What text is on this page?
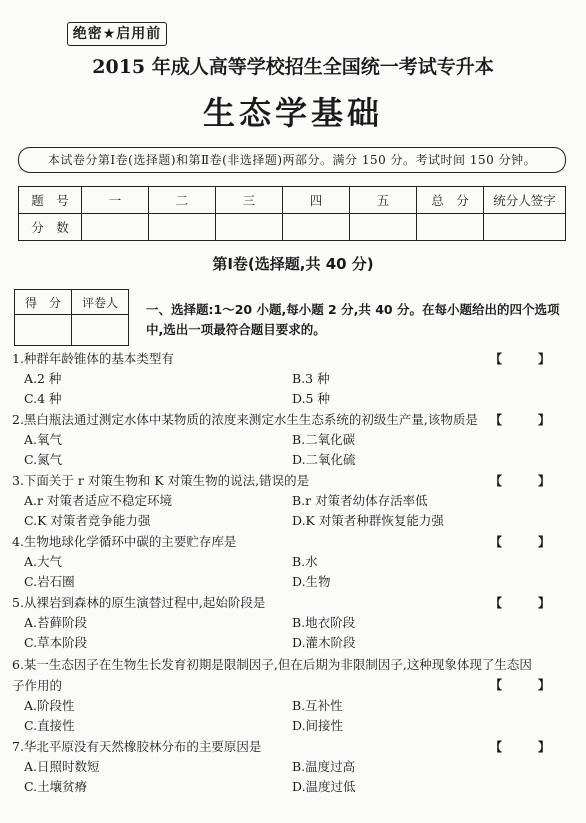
绝密★启用前
2015 年成人高等学校招生全国统一考试专升本
生态学基础
本试卷分第Ⅰ卷(选择题)和第Ⅱ卷(非选择题)两部分。满分 150 分。考试时间 150 分钟。
题　号	一	二	三	四	五	总　分	统分人签字
分　数							
第Ⅰ卷(选择题,共 40 分)
得　分	评卷人
	一、选择题:1～20 小题,每小题 2 分,共 40 分。在每小题给出的四个选项中,选出一项最符合题目要求的。
1.种群年龄锥体的基本类型有	【　】
A.2 种	B.3 种
C.4 种	D.5 种
2.黑白瓶法通过测定水体中某物质的浓度来测定水生生态系统的初级生产量,该物质是 【　】
A.氧气	B.二氧化碳
C.氮气	D.二氧化硫
3.下面关于 r 对策生物和 K 对策生物的说法,错误的是	【　】
A.r 对策者适应不稳定环境	B.r 对策者幼体存活率低
C.K 对策者竞争能力强	D.K 对策者种群恢复能力强
4.生物地球化学循环中碳的主要贮存库是	【　】
A.大气	B.水
C.岩石圈	D.生物
5.从裸岩到森林的原生演替过程中,起始阶段是	【　】
A.苔藓阶段	B.地衣阶段
C.草本阶段	D.灌木阶段
6.某一生态因子在生物生长发育初期是限制因子,但在后期为非限制因子,这种现象体现了生态因子作用的	【　】
A.阶段性	B.互补性
C.直接性	D.间接性
7.华北平原没有天然橡胶林分布的主要原因是	【　】
A.日照时数短	B.温度过高
C.土壤贫瘠	D.温度过低
